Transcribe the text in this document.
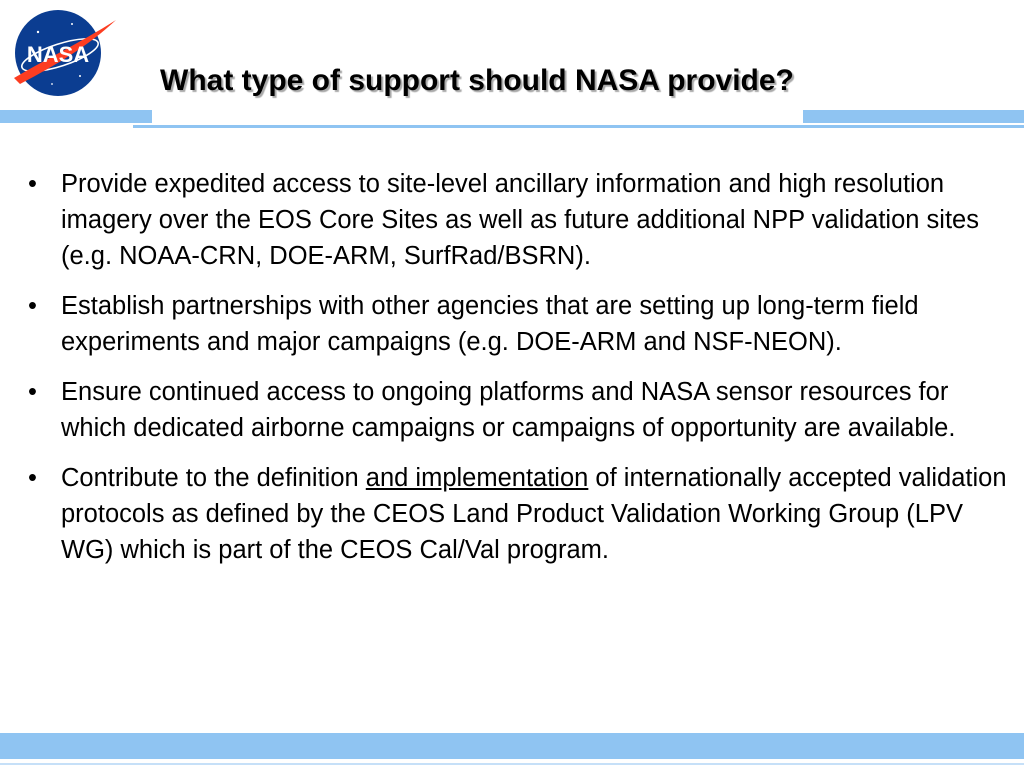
NASA
What type of support should NASA provide?
• Provide expedited access to site-level ancillary information and high resolution imagery over the EOS Core Sites as well as future additional NPP validation sites (e.g. NOAA-CRN, DOE-ARM, SurfRad/BSRN).
• Establish partnerships with other agencies that are setting up long-term field experiments and major campaigns (e.g. DOE-ARM and NSF-NEON).
• Ensure continued access to ongoing platforms and NASA sensor resources for which dedicated airborne campaigns or campaigns of opportunity are available.
• Contribute to the definition and implementation of internationally accepted validation protocols as defined by the CEOS Land Product Validation Working Group (LPV WG) which is part of the CEOS Cal/Val program.
